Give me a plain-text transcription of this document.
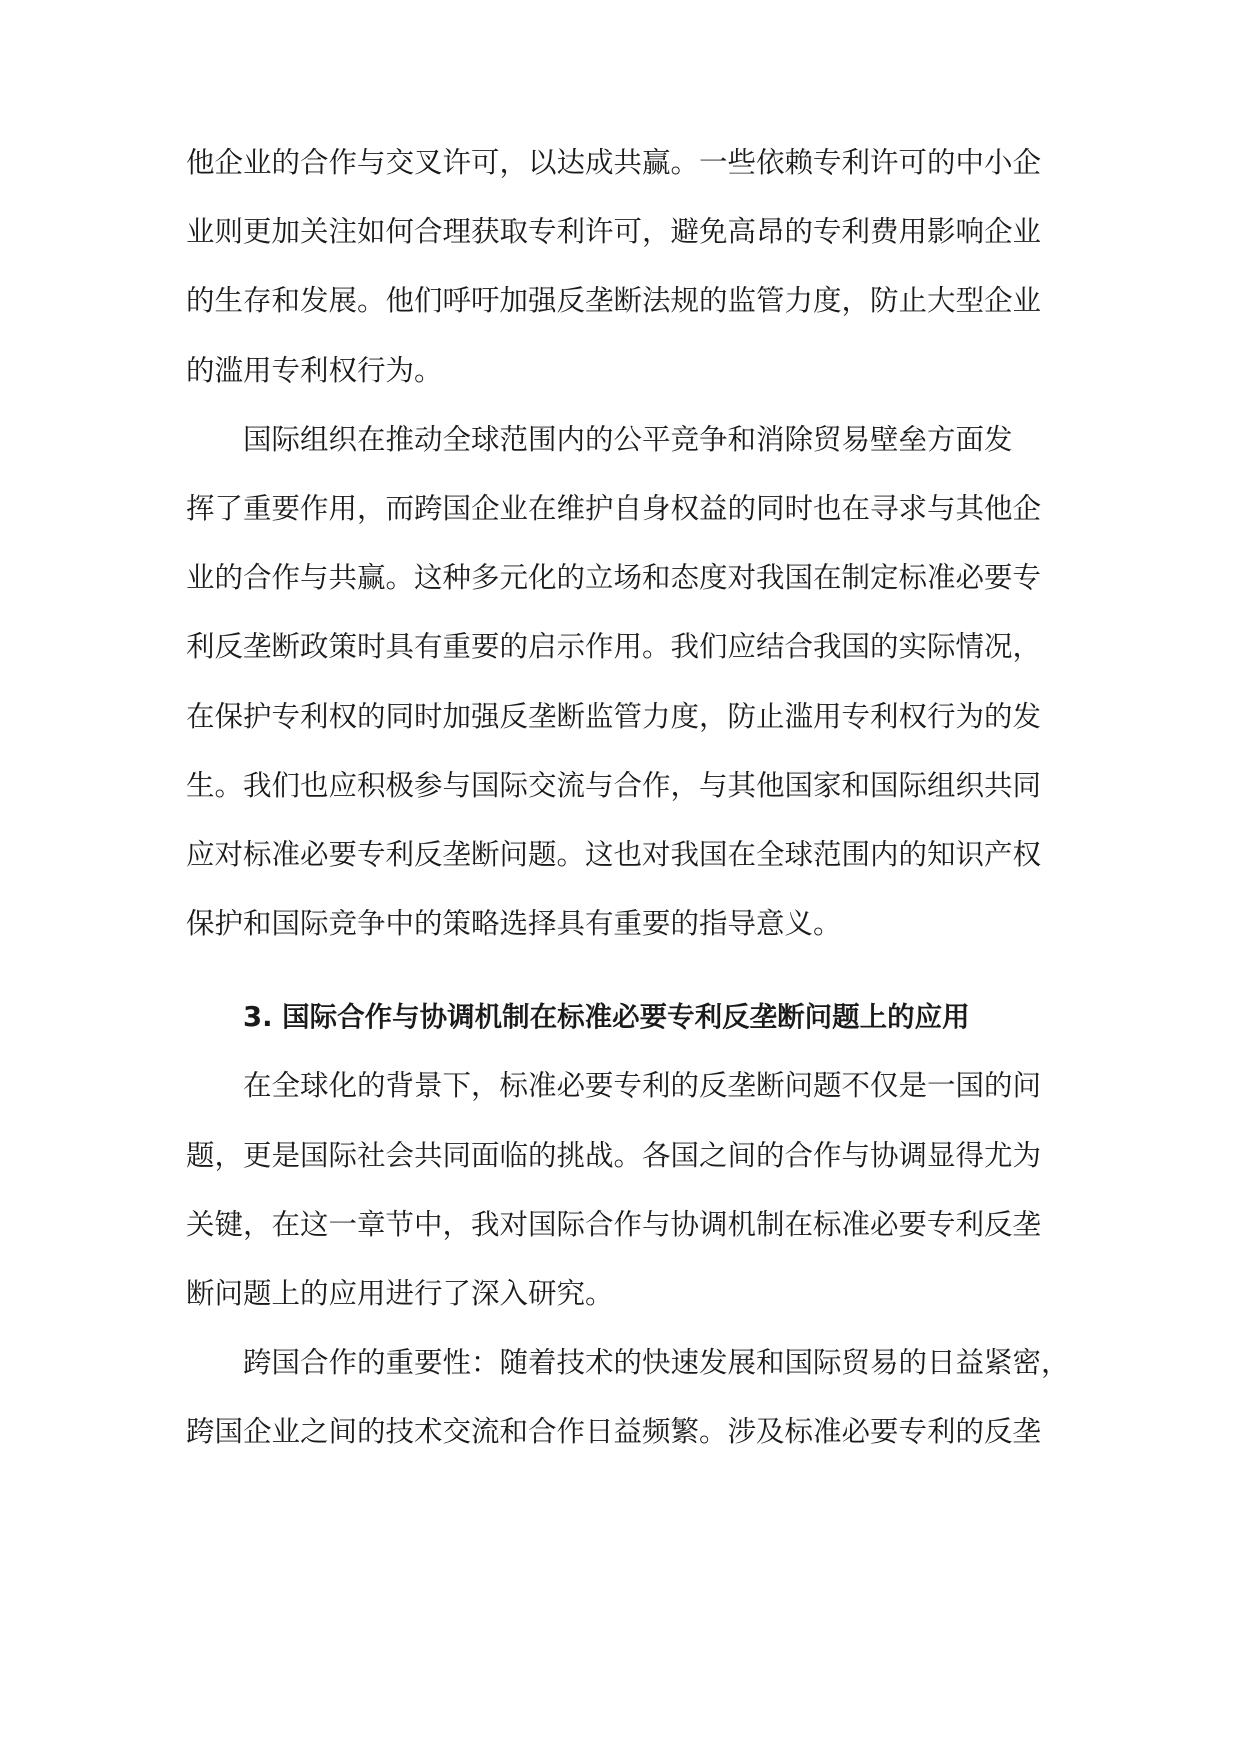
他企业的合作与交叉许可，以达成共赢。一些依赖专利许可的中小企
业则更加关注如何合理获取专利许可，避免高昂的专利费用影响企业
的生存和发展。他们呼吁加强反垄断法规的监管力度，防止大型企业
的滥用专利权行为。
国际组织在推动全球范围内的公平竞争和消除贸易壁垒方面发
挥了重要作用，而跨国企业在维护自身权益的同时也在寻求与其他企
业的合作与共赢。这种多元化的立场和态度对我国在制定标准必要专
利反垄断政策时具有重要的启示作用。我们应结合我国的实际情况，
在保护专利权的同时加强反垄断监管力度，防止滥用专利权行为的发
生。我们也应积极参与国际交流与合作，与其他国家和国际组织共同
应对标准必要专利反垄断问题。这也对我国在全球范围内的知识产权
保护和国际竞争中的策略选择具有重要的指导意义。
3. 国际合作与协调机制在标准必要专利反垄断问题上的应用
在全球化的背景下，标准必要专利的反垄断问题不仅是一国的问
题，更是国际社会共同面临的挑战。各国之间的合作与协调显得尤为
关键，在这一章节中，我对国际合作与协调机制在标准必要专利反垄
断问题上的应用进行了深入研究。
跨国合作的重要性：随着技术的快速发展和国际贸易的日益紧密，
跨国企业之间的技术交流和合作日益频繁。涉及标准必要专利的反垄
